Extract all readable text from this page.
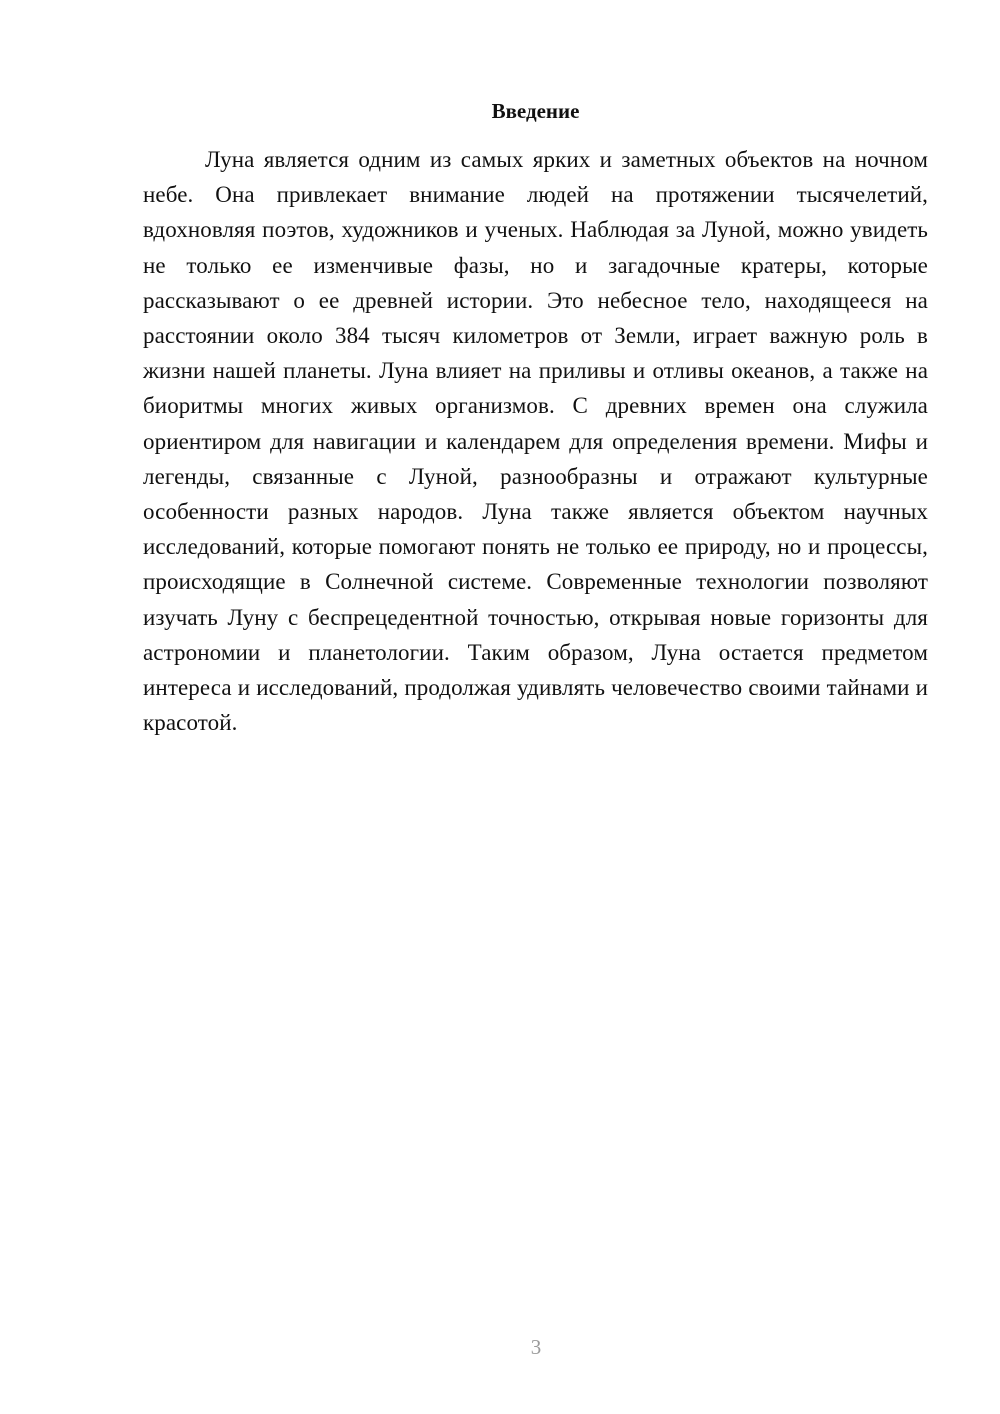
Введение

Луна является одним из самых ярких и заметных объектов на ночном небе. Она привлекает внимание людей на протяжении тысячелетий, вдохновляя поэтов, художников и ученых. Наблюдая за Луной, можно увидеть не только ее изменчивые фазы, но и загадочные кратеры, которые рассказывают о ее древней истории. Это небесное тело, находящееся на расстоянии около 384 тысяч километров от Земли, играет важную роль в жизни нашей планеты. Луна влияет на приливы и отливы океанов, а также на биоритмы многих живых организмов. С древних времен она служила ориентиром для навигации и календарем для определения времени. Мифы и легенды, связанные с Луной, разнообразны и отражают культурные особенности разных народов. Луна также является объектом научных исследований, которые помогают понять не только ее природу, но и процессы, происходящие в Солнечной системе. Современные технологии позволяют изучать Луну с беспрецедентной точностью, открывая новые горизонты для астрономии и планетологии. Таким образом, Луна остается предметом интереса и исследований, продолжая удивлять человечество своими тайнами и красотой.

3
